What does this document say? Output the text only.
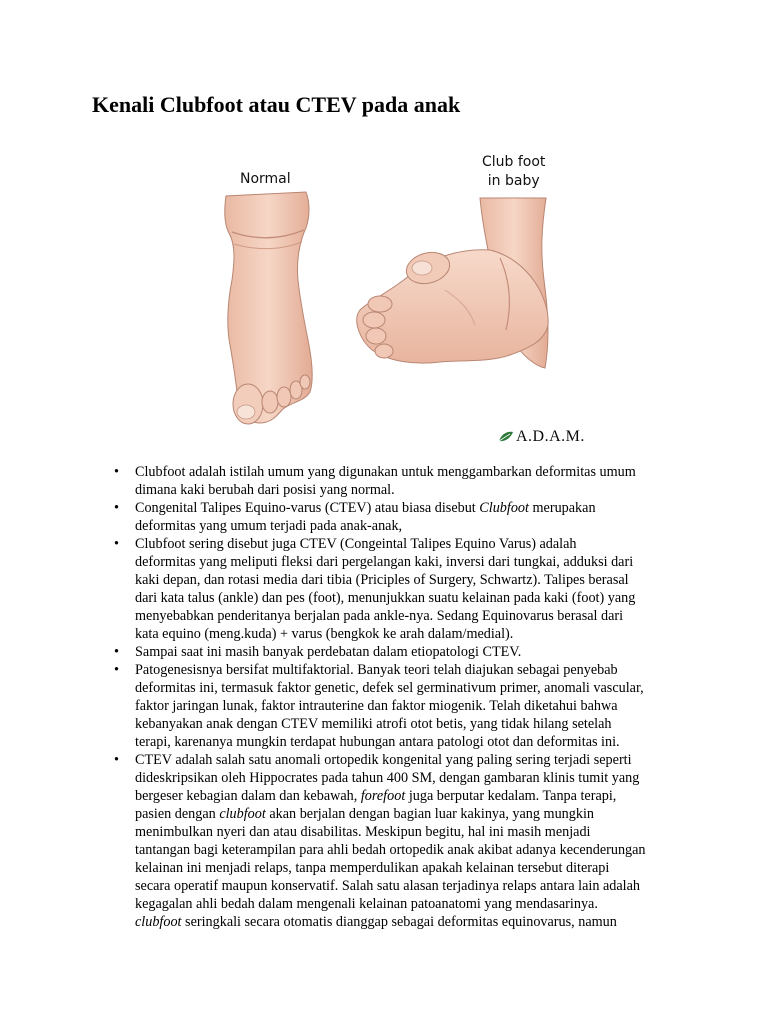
Kenali Clubfoot atau CTEV pada anak
Normal
Club foot
in baby
A.D.A.M.
• Clubfoot adalah istilah umum yang digunakan untuk menggambarkan deformitas umum
dimana kaki berubah dari posisi yang normal.
• Congenital Talipes Equino-varus (CTEV) atau biasa disebut Clubfoot merupakan
deformitas yang umum terjadi pada anak-anak,
• Clubfoot sering disebut juga CTEV (Congeintal Talipes Equino Varus) adalah
deformitas yang meliputi fleksi dari pergelangan kaki, inversi dari tungkai, adduksi dari
kaki depan, dan rotasi media dari tibia (Priciples of Surgery, Schwartz). Talipes berasal
dari kata talus (ankle) dan pes (foot), menunjukkan suatu kelainan pada kaki (foot) yang
menyebabkan penderitanya berjalan pada ankle-nya. Sedang Equinovarus berasal dari
kata equino (meng.kuda) + varus (bengkok ke arah dalam/medial).
• Sampai saat ini masih banyak perdebatan dalam etiopatologi CTEV.
• Patogenesisnya bersifat multifaktorial. Banyak teori telah diajukan sebagai penyebab
deformitas ini, termasuk faktor genetic, defek sel germinativum primer, anomali vascular,
faktor jaringan lunak, faktor intrauterine dan faktor miogenik. Telah diketahui bahwa
kebanyakan anak dengan CTEV memiliki atrofi otot betis, yang tidak hilang setelah
terapi, karenanya mungkin terdapat hubungan antara patologi otot dan deformitas ini.
• CTEV adalah salah satu anomali ortopedik kongenital yang paling sering terjadi seperti
dideskripsikan oleh Hippocrates pada tahun 400 SM, dengan gambaran klinis tumit yang
bergeser kebagian dalam dan kebawah, forefoot juga berputar kedalam. Tanpa terapi,
pasien dengan clubfoot akan berjalan dengan bagian luar kakinya, yang mungkin
menimbulkan nyeri dan atau disabilitas. Meskipun begitu, hal ini masih menjadi
tantangan bagi keterampilan para ahli bedah ortopedik anak akibat adanya kecenderungan
kelainan ini menjadi relaps, tanpa memperdulikan apakah kelainan tersebut diterapi
secara operatif maupun konservatif. Salah satu alasan terjadinya relaps antara lain adalah
kegagalan ahli bedah dalam mengenali kelainan patoanatomi yang mendasarinya.
clubfoot seringkali secara otomatis dianggap sebagai deformitas equinovarus, namun
